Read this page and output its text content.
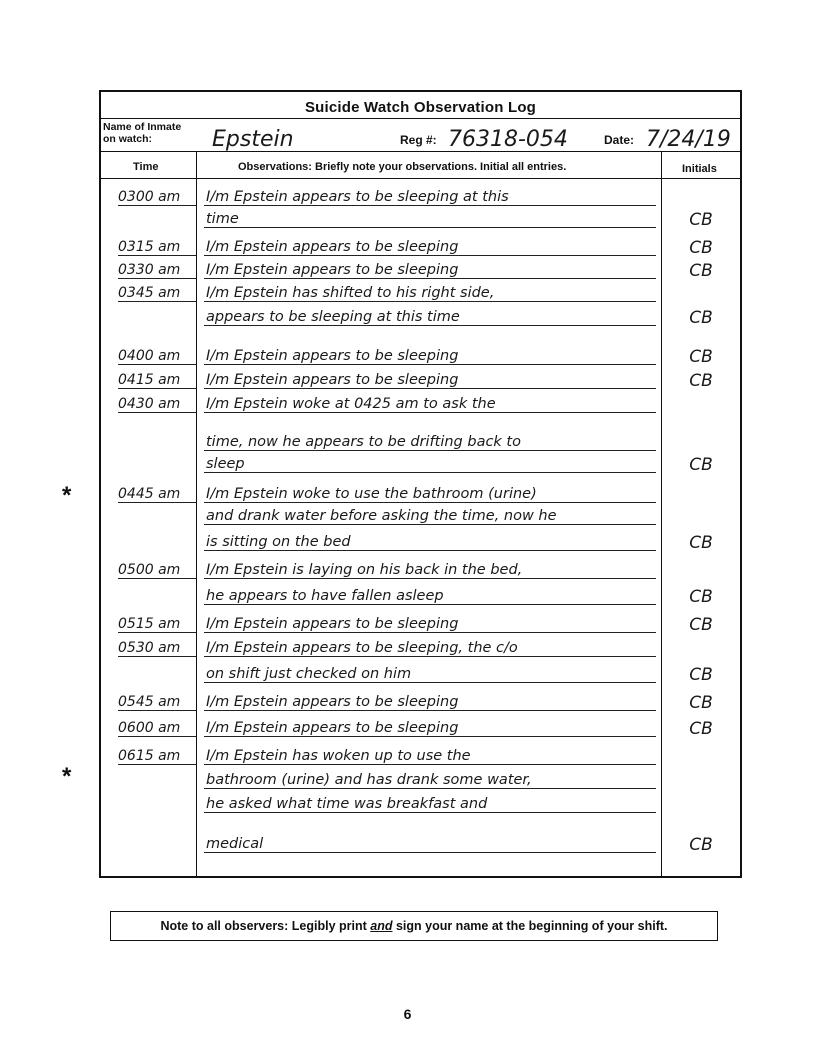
Suicide Watch Observation Log
Name of Inmate on watch:	Epstein	Reg #: 76318-054	Date: 7/24/19
Time	Observations: Briefly note your observations. Initial all entries.	Initials
0300 am	I/m Epstein appears to be sleeping at this
time	CB
0315 am	I/m Epstein appears to be sleeping	CB
0330 am	I/m Epstein appears to be sleeping	CB
0345 am	I/m Epstein has shifted to his right side,
appears to be sleeping at this time	CB
0400 am	I/m Epstein appears to be sleeping	CB
0415 am	I/m Epstein appears to be sleeping	CB
0430 am	I/m Epstein woke at 0425 am to ask the
time, now he appears to be drifting back to
sleep	CB
0445 am	I/m Epstein woke to use the bathroom (urine)
and drank water before asking the time, now he
is sitting on the bed	CB
0500 am	I/m Epstein is laying on his back in the bed,
he appears to have fallen asleep	CB
0515 am	I/m Epstein appears to be sleeping	CB
0530 am	I/m Epstein appears to be sleeping, the c/o
on shift just checked on him	CB
0545 am	I/m Epstein appears to be sleeping	CB
0600 am	I/m Epstein appears to be sleeping	CB
0615 am	I/m Epstein has woken up to use the
bathroom (urine) and has drank some water,
he asked what time was breakfast and
medical	CB
*
*
Note to all observers: Legibly print and sign your name at the beginning of your shift.
6
